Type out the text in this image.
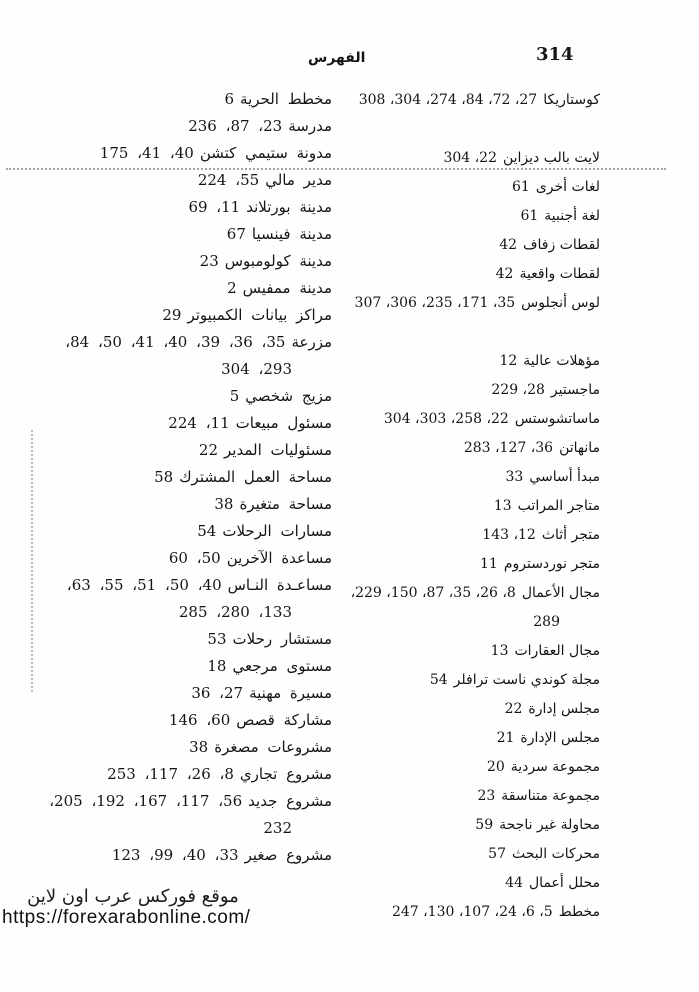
الفهرس	314
كوستاريكا27، 72، 84، 274، 304، 308
لايت بالب ديزاين22، 304
لغات أخرى61
لغة أجنبية61
لقطات زفاف42
لقطات واقعية42
لوس أنجلوس35، 171، 235، 306، 307
مؤهلات عالية12
ماجستير28، 229
ماساتشوستس22، 258، 303، 304
مانهاتن36، 127، 283
مبدأ أساسي33
متاجر المراتب13
متجر أثاث12، 143
متجر نوردستروم11
مجال الأعمال8، 26، 35، 87، 150، 229،
289
مجال العقارات13
مجلة كوندي ناست ترافلر54
مجلس إدارة22
مجلس الإدارة21
مجموعة سردية20
مجموعة متناسقة23
محاولة غير ناجحة59
محركات البحث57
محلل أعمال44
مخطط5، 6، 24، 107، 130، 247
مخطط الحرية6
مدرسة23، 87، 236
مدونة ستيمي كتشن40، 41، 175
مدير مالي55، 224
مدينة بورتلاند11، 69
مدينة فينسيا67
مدينة كولومبوس23
مدينة ممفيس2
مراكز بيانات الكمبيوتر29
مزرعة35، 36، 39، 40، 41، 50، 84،
293، 304
مزيج شخصي5
مسئول مبيعات11، 224
مسئوليات المدير22
مساحة العمل المشترك58
مساحة متغيرة38
مسارات الرحلات54
مساعدة الآخرين50، 60
مساعـدة النـاس40، 50، 51، 55، 63،
133، 280، 285
مستشار رحلات53
مستوى مرجعي18
مسيرة مهنية27، 36
مشاركة قصص60، 146
مشروعات مصغرة38
مشروع تجاري8، 26، 117، 253
مشروع جديد56، 117، 167، 192، 205،
232
مشروع صغير33، 40، 99، 123
موقع فوركس عرب اون لاين
https://forexarabonline.com/
